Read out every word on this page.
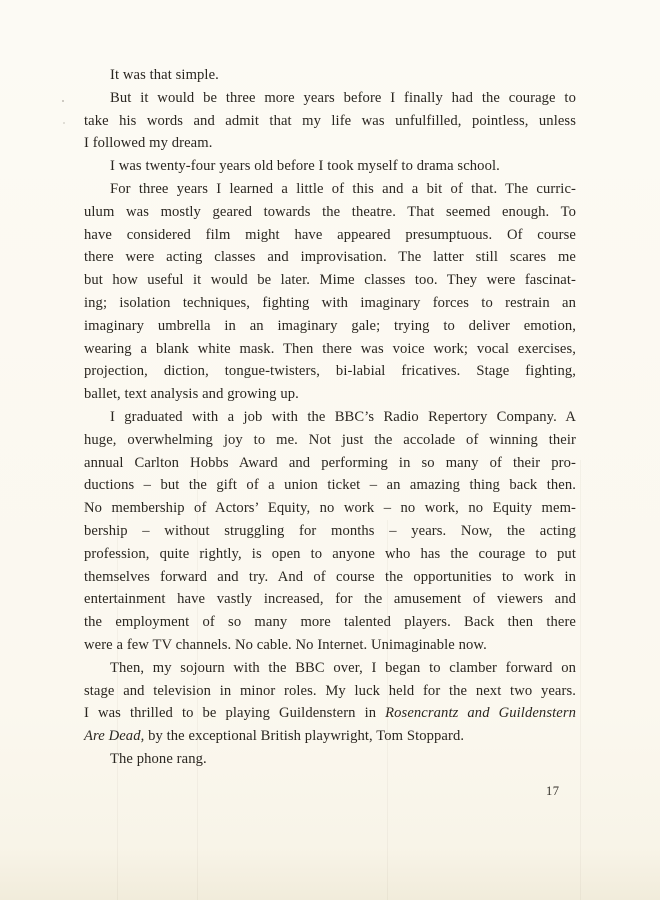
It was that simple.
But it would be three more years before I finally had the courage to
take his words and admit that my life was unfulfilled, pointless, unless
I followed my dream.
I was twenty-four years old before I took myself to drama school.
For three years I learned a little of this and a bit of that. The curric-
ulum was mostly geared towards the theatre. That seemed enough. To
have considered film might have appeared presumptuous. Of course
there were acting classes and improvisation. The latter still scares me
but how useful it would be later. Mime classes too. They were fascinat-
ing; isolation techniques, fighting with imaginary forces to restrain an
imaginary umbrella in an imaginary gale; trying to deliver emotion,
wearing a blank white mask. Then there was voice work; vocal exercises,
projection, diction, tongue-twisters, bi-labial fricatives. Stage fighting,
ballet, text analysis and growing up.
I graduated with a job with the BBC’s Radio Repertory Company. A
huge, overwhelming joy to me. Not just the accolade of winning their
annual Carlton Hobbs Award and performing in so many of their pro-
ductions – but the gift of a union ticket – an amazing thing back then.
No membership of Actors’ Equity, no work – no work, no Equity mem-
bership – without struggling for months – years. Now, the acting
profession, quite rightly, is open to anyone who has the courage to put
themselves forward and try. And of course the opportunities to work in
entertainment have vastly increased, for the amusement of viewers and
the employment of so many more talented players. Back then there
were a few TV channels. No cable. No Internet. Unimaginable now.
Then, my sojourn with the BBC over, I began to clamber forward on
stage and television in minor roles. My luck held for the next two years.
I was thrilled to be playing Guildenstern in Rosencrantz and Guildenstern
Are Dead, by the exceptional British playwright, Tom Stoppard.
The phone rang.
17
